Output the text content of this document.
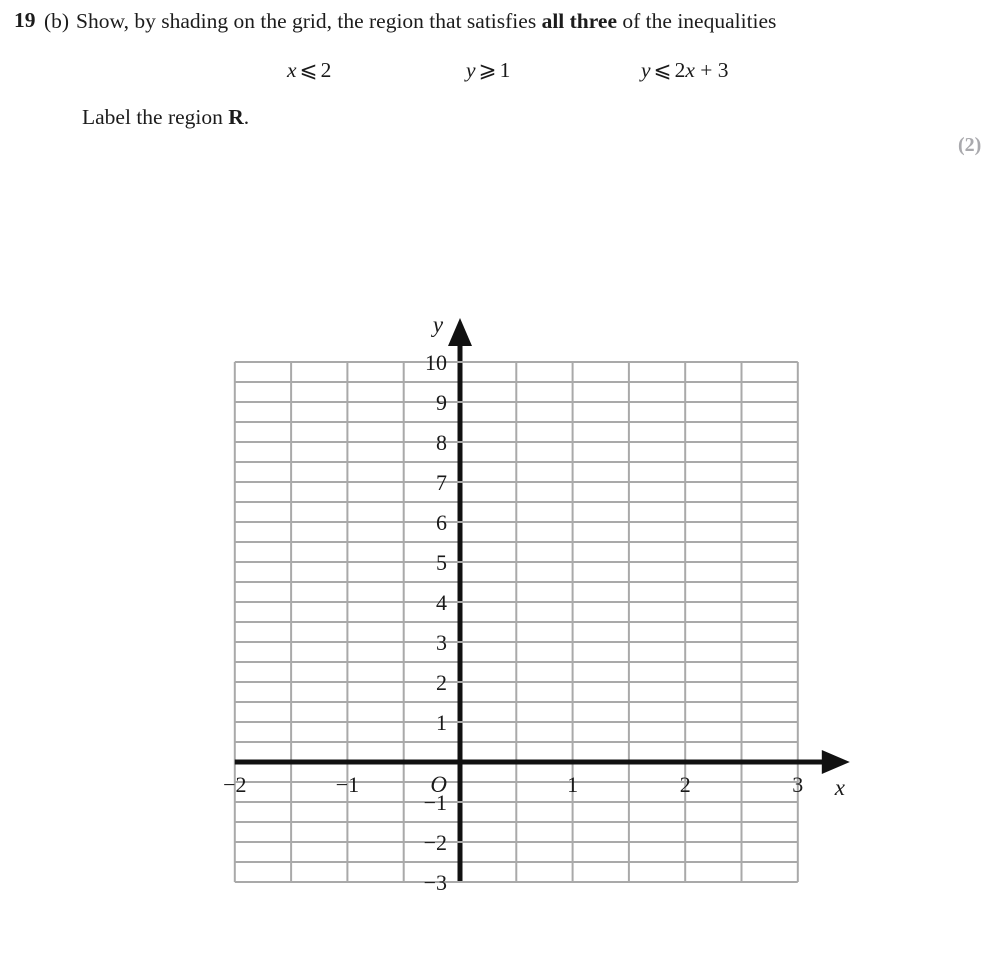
19 (b) Show, by shading on the grid, the region that satisfies all three of the inequalities
x ⩽ 2	y ⩾ 1	y ⩽ 2x + 3
Label the region R.
(2)
−2	−1	1	2	3
10
9
8
7
6
5
4
3
2
1
−1
−2
−3
y
x
O
